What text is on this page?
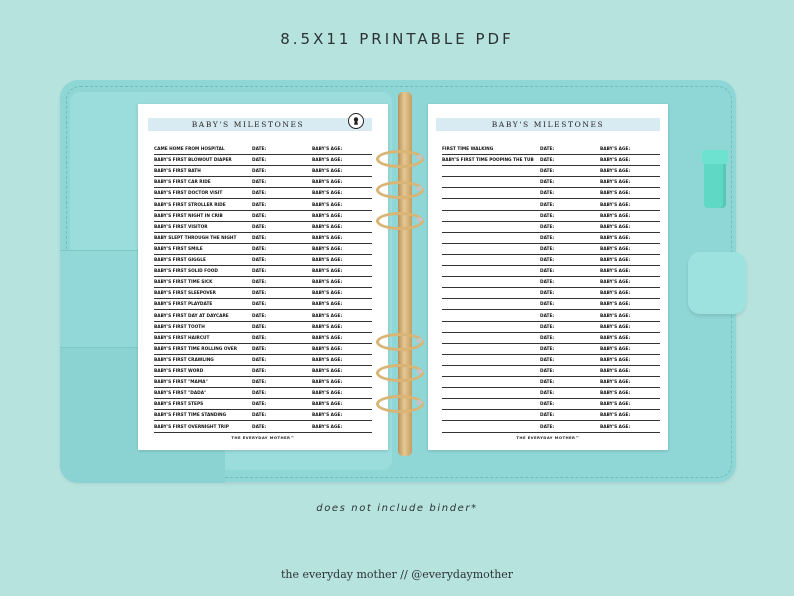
8.5X11 PRINTABLE PDF
BABY'S MILESTONES
CAME HOME FROM HOSPITAL	DATE:	BABY'S AGE:
BABY'S FIRST BLOWOUT DIAPER	DATE:	BABY'S AGE:
BABY'S FIRST BATH	DATE:	BABY'S AGE:
BABY'S FIRST CAR RIDE	DATE:	BABY'S AGE:
BABY'S FIRST DOCTOR VISIT	DATE:	BABY'S AGE:
BABY'S FIRST STROLLER RIDE	DATE:	BABY'S AGE:
BABY'S FIRST NIGHT IN CRIB	DATE:	BABY'S AGE:
BABY'S FIRST VISITOR	DATE:	BABY'S AGE:
BABY SLEPT THROUGH THE NIGHT	DATE:	BABY'S AGE:
BABY'S FIRST SMILE	DATE:	BABY'S AGE:
BABY'S FIRST GIGGLE	DATE:	BABY'S AGE:
BABY'S FIRST SOLID FOOD	DATE:	BABY'S AGE:
BABY'S FIRST TIME SICK	DATE:	BABY'S AGE:
BABY'S FIRST SLEEPOVER	DATE:	BABY'S AGE:
BABY'S FIRST PLAYDATE	DATE:	BABY'S AGE:
BABY'S FIRST DAY AT DAYCARE	DATE:	BABY'S AGE:
BABY'S FIRST TOOTH	DATE:	BABY'S AGE:
BABY'S FIRST HAIRCUT	DATE:	BABY'S AGE:
BABY'S FIRST TIME ROLLING OVER	DATE:	BABY'S AGE:
BABY'S FIRST CRAWLING	DATE:	BABY'S AGE:
BABY'S FIRST WORD	DATE:	BABY'S AGE:
BABY'S FIRST "MAMA"	DATE:	BABY'S AGE:
BABY'S FIRST "DADA"	DATE:	BABY'S AGE:
BABY'S FIRST STEPS	DATE:	BABY'S AGE:
BABY'S FIRST TIME STANDING	DATE:	BABY'S AGE:
BABY'S FIRST OVERNIGHT TRIP	DATE:	BABY'S AGE:
THE EVERYDAY MOTHER™
BABY'S MILESTONES
FIRST TIME WALKING	DATE:	BABY'S AGE:
BABY'S FIRST TIME POOPING THE TUB DATE:	BABY'S AGE:
DATE:	BABY'S AGE:
DATE:	BABY'S AGE:
DATE:	BABY'S AGE:
DATE:	BABY'S AGE:
DATE:	BABY'S AGE:
DATE:	BABY'S AGE:
DATE:	BABY'S AGE:
DATE:	BABY'S AGE:
DATE:	BABY'S AGE:
DATE:	BABY'S AGE:
DATE:	BABY'S AGE:
DATE:	BABY'S AGE:
DATE:	BABY'S AGE:
DATE:	BABY'S AGE:
DATE:	BABY'S AGE:
DATE:	BABY'S AGE:
DATE:	BABY'S AGE:
DATE:	BABY'S AGE:
DATE:	BABY'S AGE:
DATE:	BABY'S AGE:
DATE:	BABY'S AGE:
DATE:	BABY'S AGE:
DATE:	BABY'S AGE:
DATE:	BABY'S AGE:
THE EVERYDAY MOTHER™
does not include binder*
the everyday mother // @everydaymother
